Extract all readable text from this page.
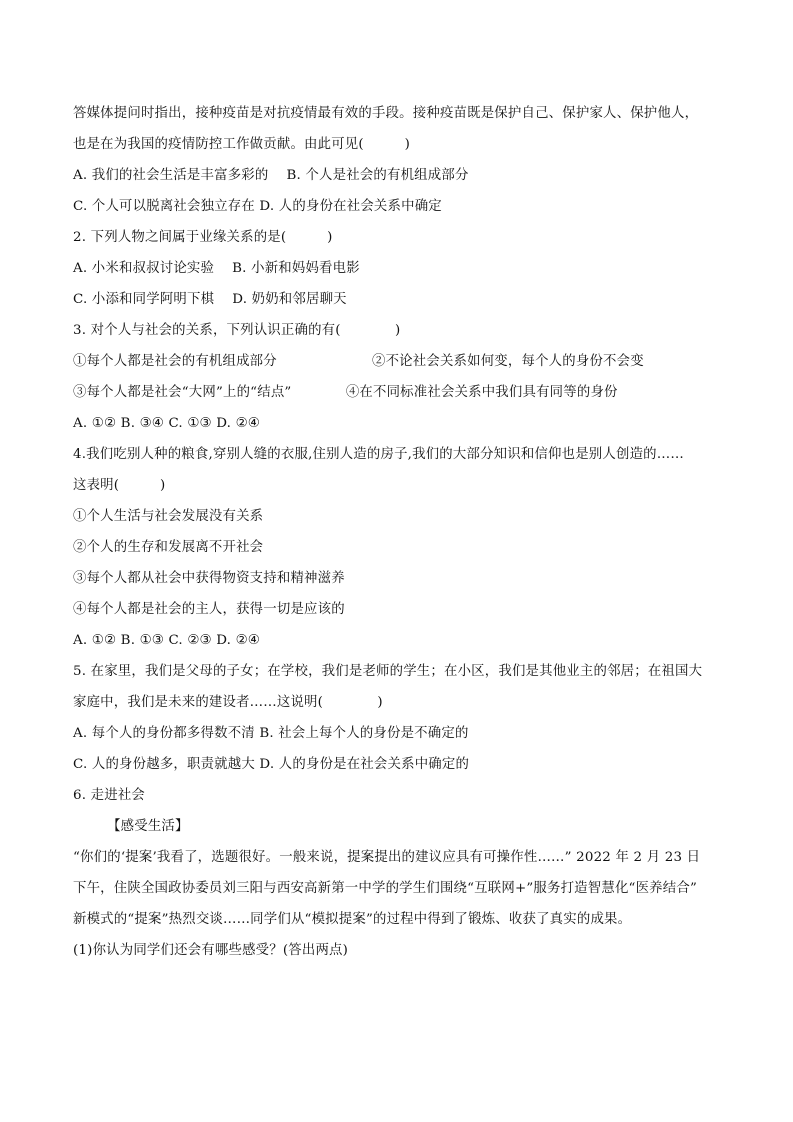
答媒体提问时指出，接种疫苗是对抗疫情最有效的手段。接种疫苗既是保护自己、保护家人、保护他人，
也是在为我国的疫情防控工作做贡献。由此可见(　　　)
A. 我们的社会生活是丰富多彩的　 B. 个人是社会的有机组成部分
C. 个人可以脱离社会独立存在 D. 人的身份在社会关系中确定
2. 下列人物之间属于业缘关系的是(　　　)
A. 小米和叔叔讨论实验　 B. 小新和妈妈看电影
C. 小添和同学阿明下棋　 D. 奶奶和邻居聊天
3. 对个人与社会的关系，下列认识正确的有(　　　　)
①每个人都是社会的有机组成部分　　　　　　　②不论社会关系如何变，每个人的身份不会变
③每个人都是社会“大网”上的“结点”　　　　④在不同标准社会关系中我们具有同等的身份
A. ①② B. ③④ C. ①③ D. ②④
4.我们吃别人种的粮食,穿别人缝的衣服,住别人造的房子,我们的大部分知识和信仰也是别人创造的……
这表明(　　　)
①个人生活与社会发展没有关系
②个人的生存和发展离不开社会
③每个人都从社会中获得物资支持和精神滋养
④每个人都是社会的主人，获得一切是应该的
A. ①② B. ①③ C. ②③ D. ②④
5. 在家里，我们是父母的子女；在学校，我们是老师的学生；在小区，我们是其他业主的邻居；在祖国大
家庭中，我们是未来的建设者……这说明(　　　　)
A. 每个人的身份都多得数不清 B. 社会上每个人的身份是不确定的
C. 人的身份越多，职责就越大 D. 人的身份是在社会关系中确定的
6. 走进社会
　　　【感受生活】
“你们的‘提案’我看了，选题很好。一般来说，提案提出的建议应具有可操作性……” 2022 年 2 月 23 日
下午，住陕全国政协委员刘三阳与西安高新第一中学的学生们围绕“互联网+”服务打造智慧化“医养结合”
新模式的“提案”热烈交谈……同学们从“模拟提案”的过程中得到了锻炼、收获了真实的成果。
(1)你认为同学们还会有哪些感受？(答出两点)
